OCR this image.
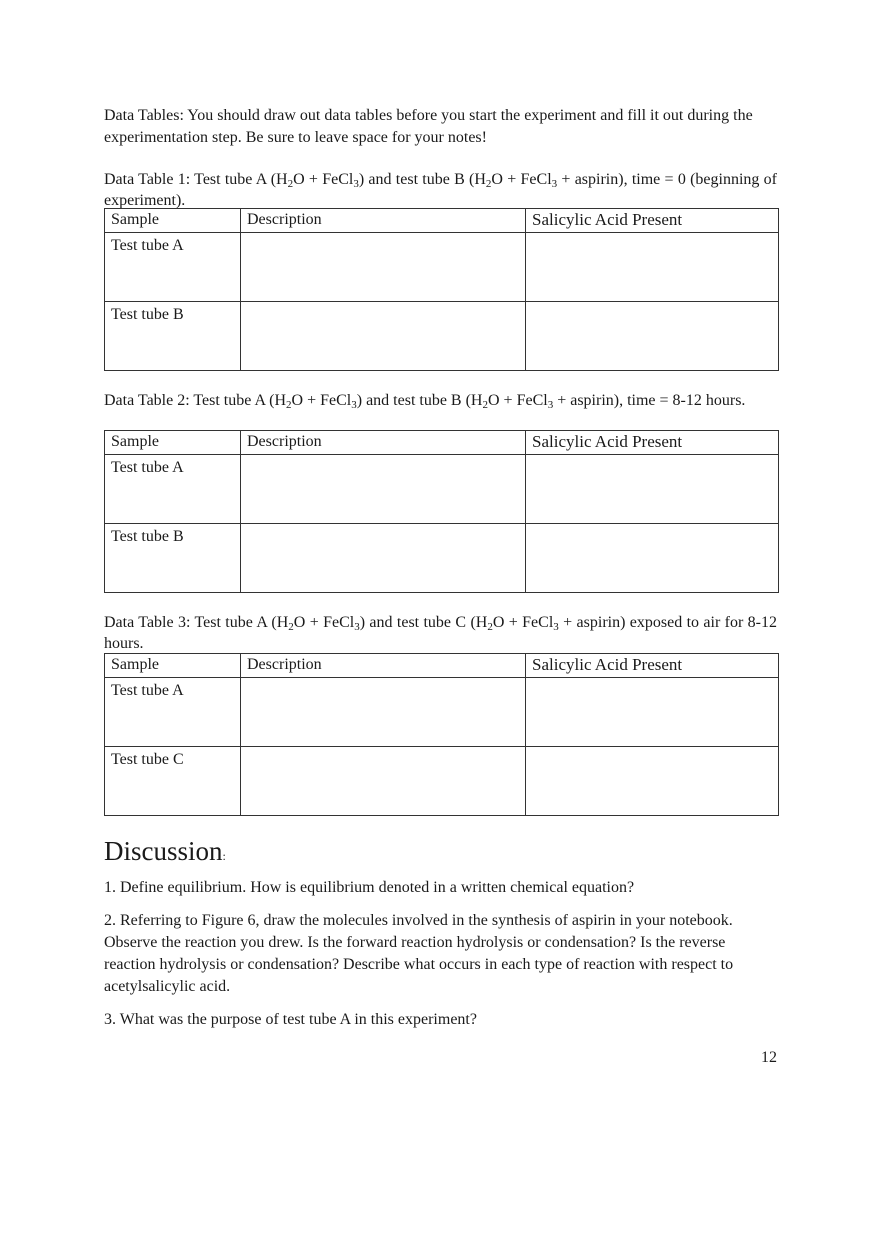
Data Tables: You should draw out data tables before you start the experiment and fill it out during the experimentation step. Be sure to leave space for your notes!

Data Table 1: Test tube A ($H_2O$ + FeCl$_3$) and test tube B ($H_2O$ + FeCl$_3$ + aspirin), time = 0 (beginning of experiment).

Sample	Description	Salicylic Acid Present
Test tube A		
Test tube B		

Data Table 2: Test tube A ($H_2O$ + FeCl$_3$) and test tube B ($H_2O$ + FeCl$_3$ + aspirin), time = 8-12 hours.

Sample	Description	Salicylic Acid Present
Test tube A		
Test tube B		

Data Table 3: Test tube A ($H_2O$ + FeCl$_3$) and test tube C ($H_2O$ + FeCl$_3$ + aspirin) exposed to air for 8-12 hours.

Sample	Description	Salicylic Acid Present
Test tube A		
Test tube C		
Discussion:

1. Define equilibrium. How is equilibrium denoted in a written chemical equation?

2. Referring to Figure 6, draw the molecules involved in the synthesis of aspirin in your notebook. Observe the reaction you drew. Is the forward reaction hydrolysis or condensation? Is the reverse reaction hydrolysis or condensation? Describe what occurs in each type of reaction with respect to acetylsalicylic acid.

3. What was the purpose of test tube A in this experiment?

12
